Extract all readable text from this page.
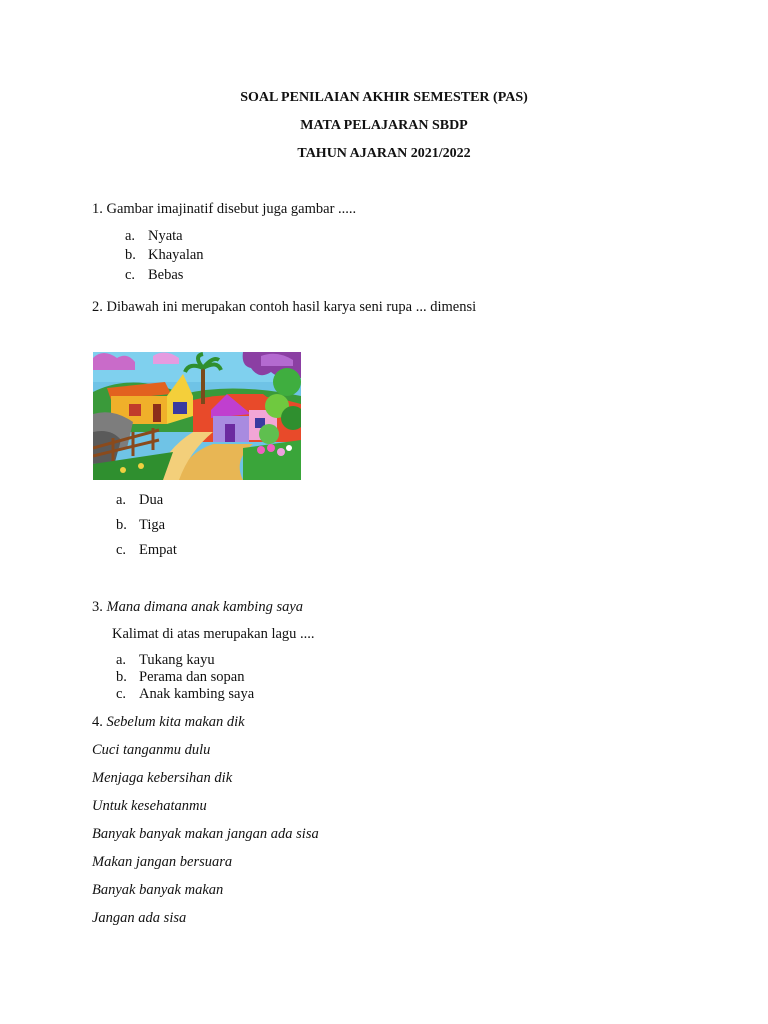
SOAL PENILAIAN AKHIR SEMESTER (PAS)
MATA PELAJARAN SBDP
TAHUN AJARAN 2021/2022
1. Gambar imajinatif disebut juga gambar .....
a. Nyata
b. Khayalan
c. Bebas
2. Dibawah ini merupakan contoh hasil karya seni rupa ... dimensi
a. Dua
b. Tiga
c. Empat
3. Mana dimana anak kambing saya
Kalimat di atas merupakan lagu ....
a. Tukang kayu
b. Perama dan sopan
c. Anak kambing saya
4. Sebelum kita makan dik
Cuci tanganmu dulu
Menjaga kebersihan dik
Untuk kesehatanmu
Banyak banyak makan jangan ada sisa
Makan jangan bersuara
Banyak banyak makan
Jangan ada sisa
